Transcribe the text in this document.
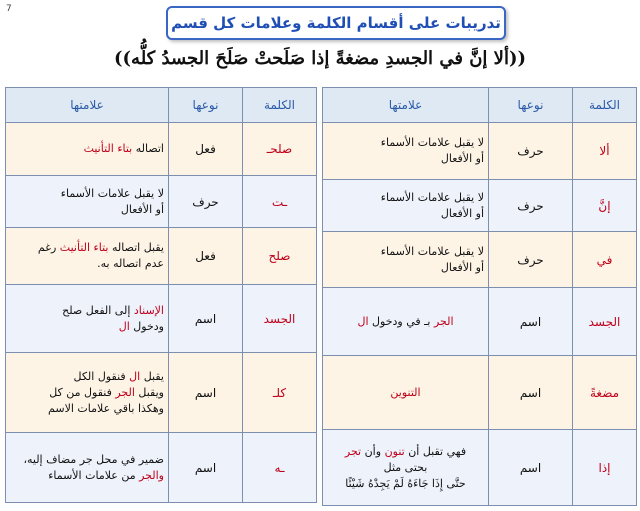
7
تدريبات على أقسام الكلمة وعلامات كل قسم
((ألا إنَّ في الجسدِ مضغةً إذا صَلَحتْ صَلَحَ الجسدُ كلُّه))
الكلمة	نوعها	علامتها
ألا	حرف	لا يقبل علامات الأسماء
أو الأفعال

إنَّ	حرف	لا يقبل علامات الأسماء
أو الأفعال

في	حرف	لا يقبل علامات الأسماء
أو الأفعال

الجسد	اسم	الجر بـ في ودخول ال
مضغةً	اسم	التنوين
إذا	اسم	فهي تقبل أن تنون وأن تجر
بحتى مثل
حتَّى إِذَا جَاءَهُ لَمْ يَجِدْهُ شَيْئًا
الكلمة	نوعها	علامتها
صلحـ	فعل	اتصاله بتاء التأنيث
ـت	حرف	لا يقبل علامات الأسماء
أو الأفعال

صلح	فعل	يقبل اتصاله بتاء التأنيث رغم
عدم اتصاله به.

الجسد	اسم	الإسناد إلى الفعل صلح
ودخول ال

كلـ	اسم	يقبل ال فنقول الكل
ويقبل الجر فنقول من كل
وهكذا باقي علامات الاسم

ـه	اسم	ضمير في محل جر مضاف إليه،
والجر من علامات الأسماء
